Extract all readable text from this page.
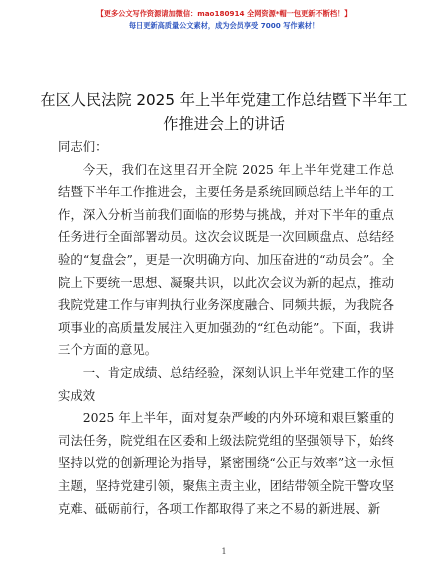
【更多公文写作资源请加微信：mao180914 全网资源*帽一包更新不断档！】
每日更新高质量公文素材，成为会员享受 7000 写作素材！
在区人民法院 2025 年上半年党建工作总结暨下半年工作推进会上的讲话

同志们：

今天，我们在这里召开全院 2025 年上半年党建工作总结暨下半年工作推进会，主要任务是系统回顾总结上半年的工作，深入分析当前我们面临的形势与挑战，并对下半年的重点任务进行全面部署动员。这次会议既是一次回顾盘点、总结经验的“复盘会”，更是一次明确方向、加压奋进的“动员会”。全院上下要统一思想、凝聚共识，以此次会议为新的起点，推动我院党建工作与审判执行业务深度融合、同频共振，为我院各项事业的高质量发展注入更加强劲的“红色动能”。下面，我讲三个方面的意见。

一、肯定成绩、总结经验，深刻认识上半年党建工作的坚实成效

2025 年上半年，面对复杂严峻的内外环境和艰巨繁重的司法任务，院党组在区委和上级法院党组的坚强领导下，始终坚持以党的创新理论为指导，紧密围绕“公正与效率”这一永恒主题，坚持党建引领，聚焦主责主业，团结带领全院干警攻坚克难、砥砺前行，各项工作都取得了来之不易的新进展、新

1
